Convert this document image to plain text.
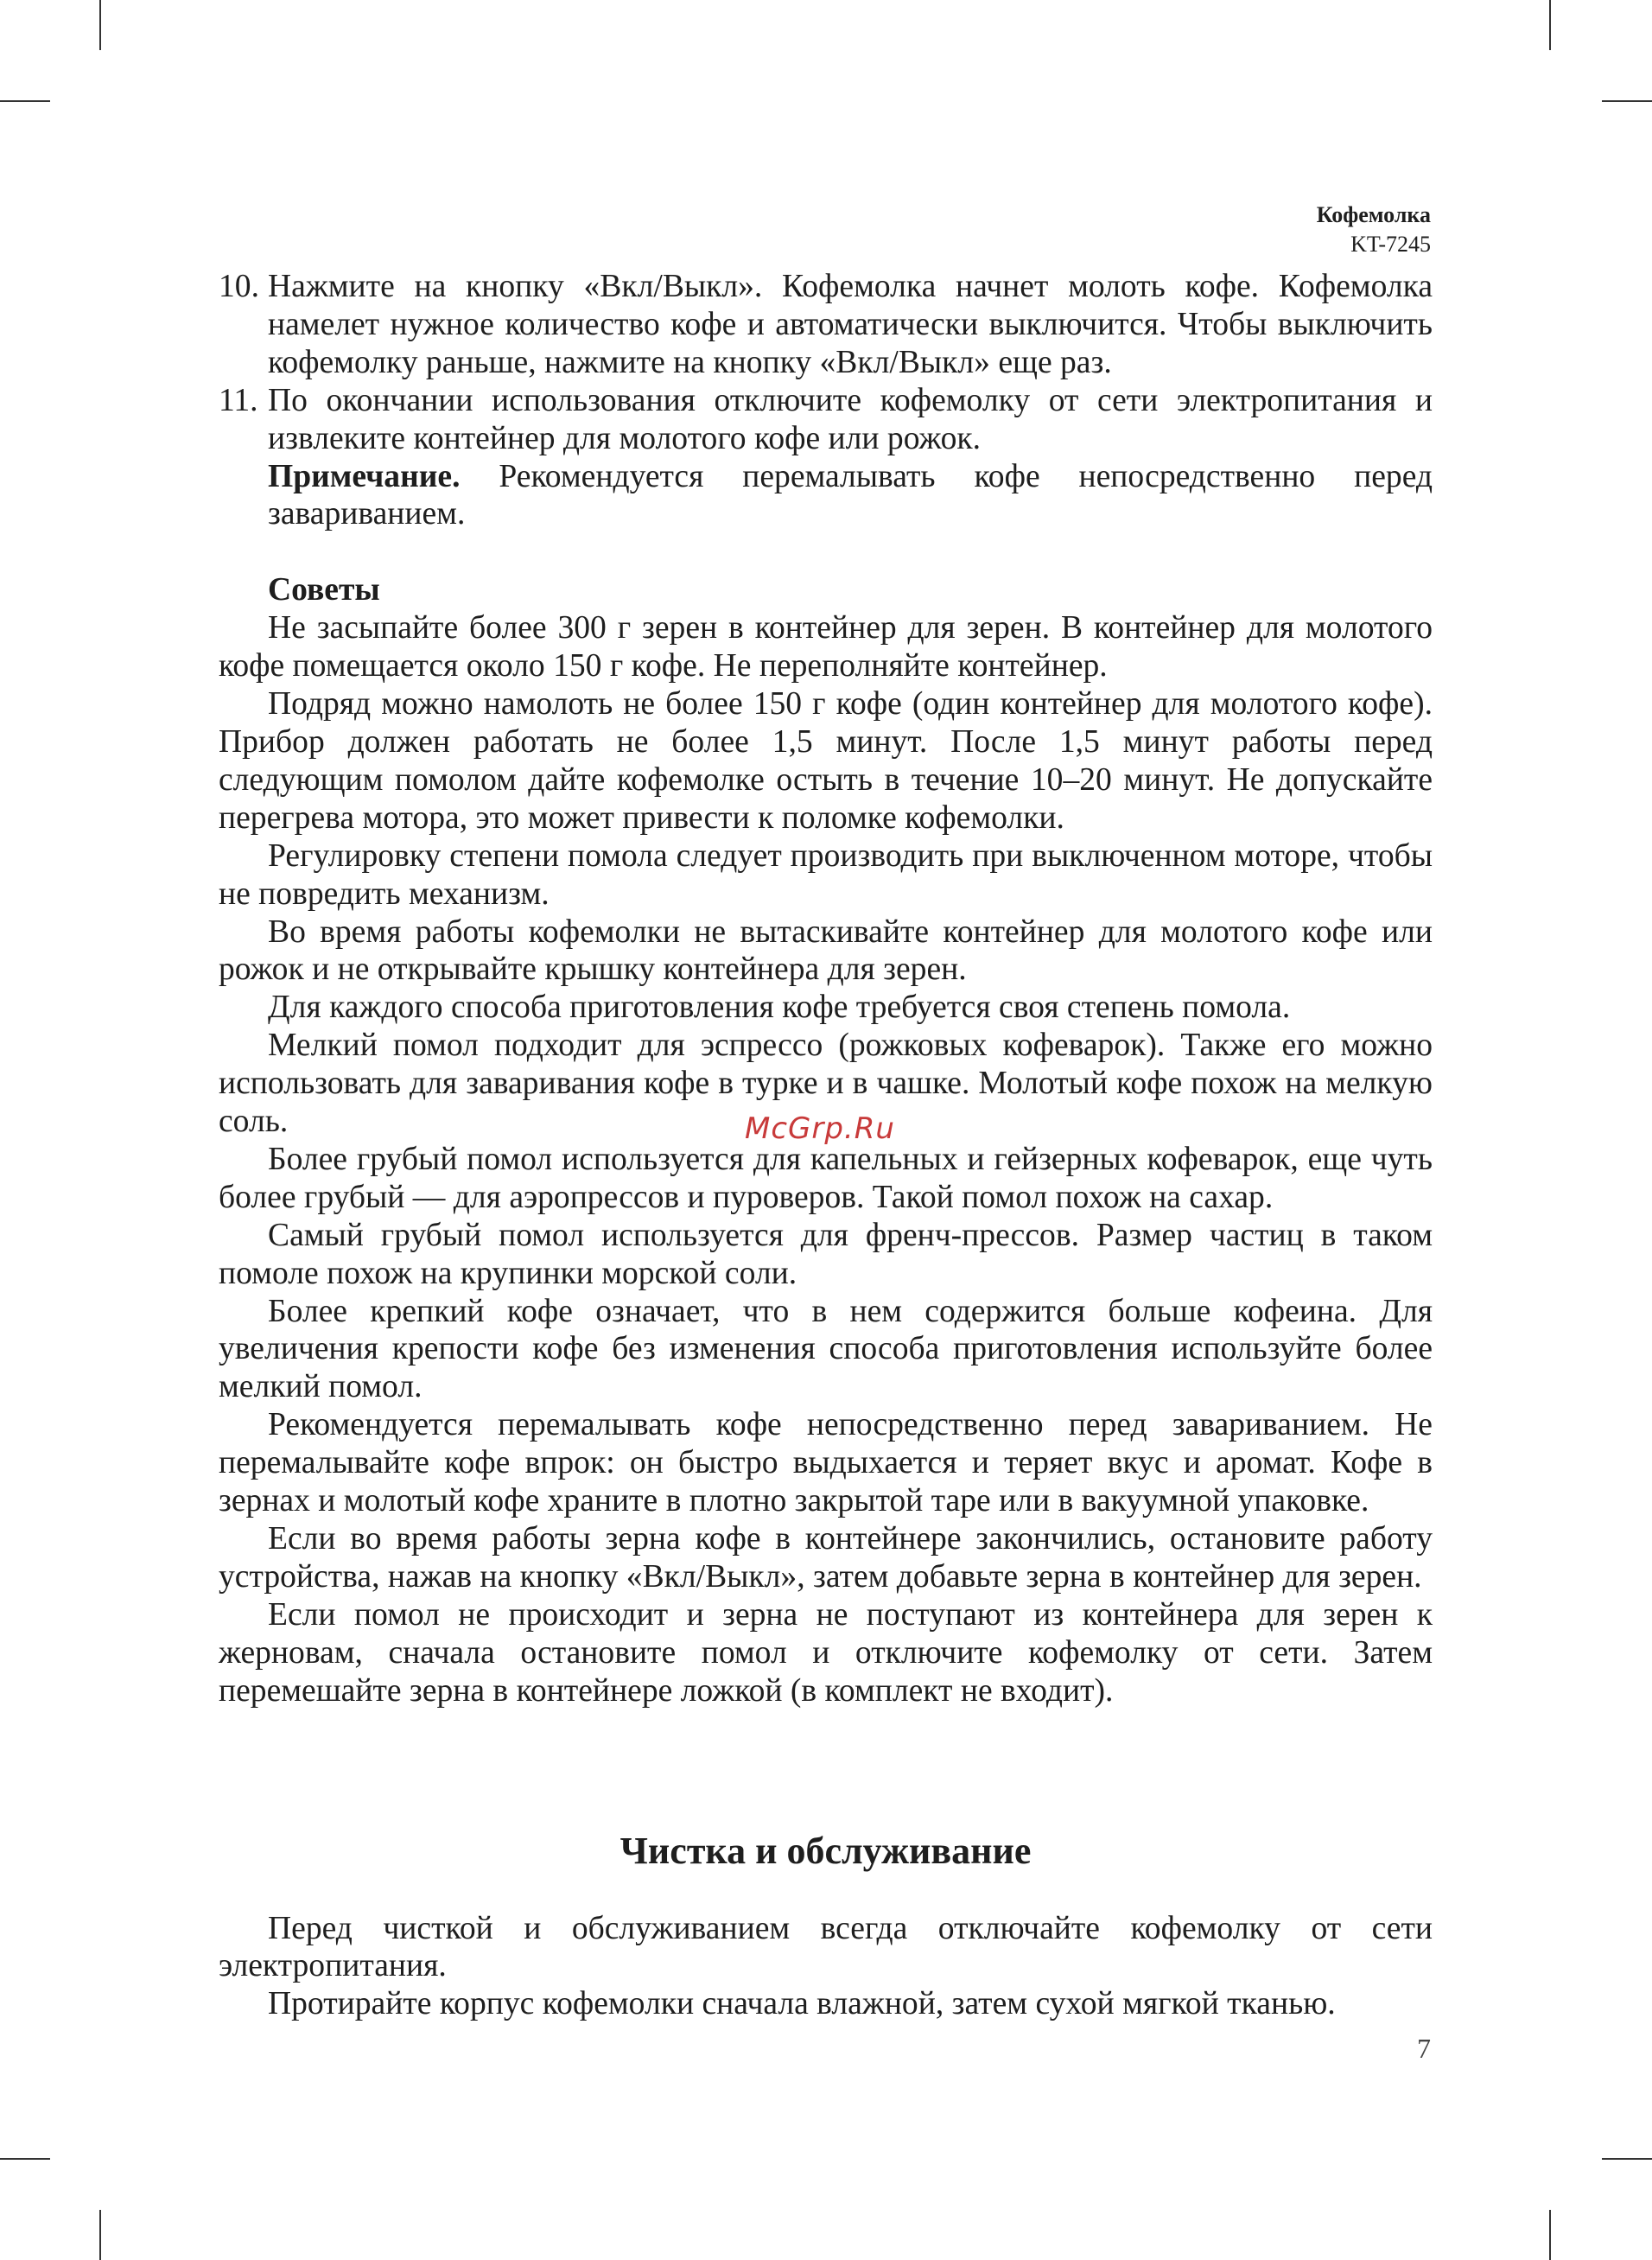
Кофемолка
KT-7245
10. Нажмите на кнопку «Вкл/Выкл». Кофемолка начнет молоть кофе. Кофемолка намелет нужное количество кофе и автоматически выключится. Чтобы выключить кофемолку раньше, нажмите на кнопку «Вкл/Выкл» еще раз.
11. По окончании использования отключите кофемолку от сети электропитания и извлеките контейнер для молотого кофе или рожок.

Примечание. Рекомендуется перемалывать кофе непосредственно перед завариванием.

Советы

Не засыпайте более 300 г зерен в контейнер для зерен. В контейнер для молотого кофе помещается около 150 г кофе. Не переполняйте контейнер.

Подряд можно намолоть не более 150 г кофе (один контейнер для молотого кофе). Прибор должен работать не более 1,5 минут. После 1,5 минут работы перед следующим помолом дайте кофемолке остыть в течение 10–20 минут. Не допускайте перегрева мотора, это может привести к поломке кофемолки.

Регулировку степени помола следует производить при выключенном моторе, чтобы не повредить механизм.

Во время работы кофемолки не вытаскивайте контейнер для молотого кофе или рожок и не открывайте крышку контейнера для зерен.

Для каждого способа приготовления кофе требуется своя степень помола.

Мелкий помол подходит для эспрессо (рожковых кофеварок). Также его можно использовать для заваривания кофе в турке и в чашке. Молотый кофе похож на мелкую соль.

Более грубый помол используется для капельных и гейзерных кофеварок, еще чуть более грубый — для аэропрессов и пуроверов. Такой помол похож на сахар.

Самый грубый помол используется для френч-прессов. Размер частиц в таком помоле похож на крупинки морской соли.

Более крепкий кофе означает, что в нем содержится больше кофеина. Для увеличения крепости кофе без изменения способа приготовления используйте более мелкий помол.

Рекомендуется перемалывать кофе непосредственно перед завариванием. Не перемалывайте кофе впрок: он быстро выдыхается и теряет вкус и аромат. Кофе в зернах и молотый кофе храните в плотно закрытой таре или в вакуумной упаковке.

Если во время работы зерна кофе в контейнере закончились, остановите работу устройства, нажав на кнопку «Вкл/Выкл», затем добавьте зерна в контейнер для зерен.

Если помол не происходит и зерна не поступают из контейнера для зерен к жерновам, сначала остановите помол и отключите кофемолку от сети. Затем перемешайте зерна в контейнере ложкой (в комплект не входит).

Чистка и обслуживание

Перед чисткой и обслуживанием всегда отключайте кофемолку от сети электропитания.

Протирайте корпус кофемолки сначала влажной, затем сухой мягкой тканью.

McGrp.Ru
7
